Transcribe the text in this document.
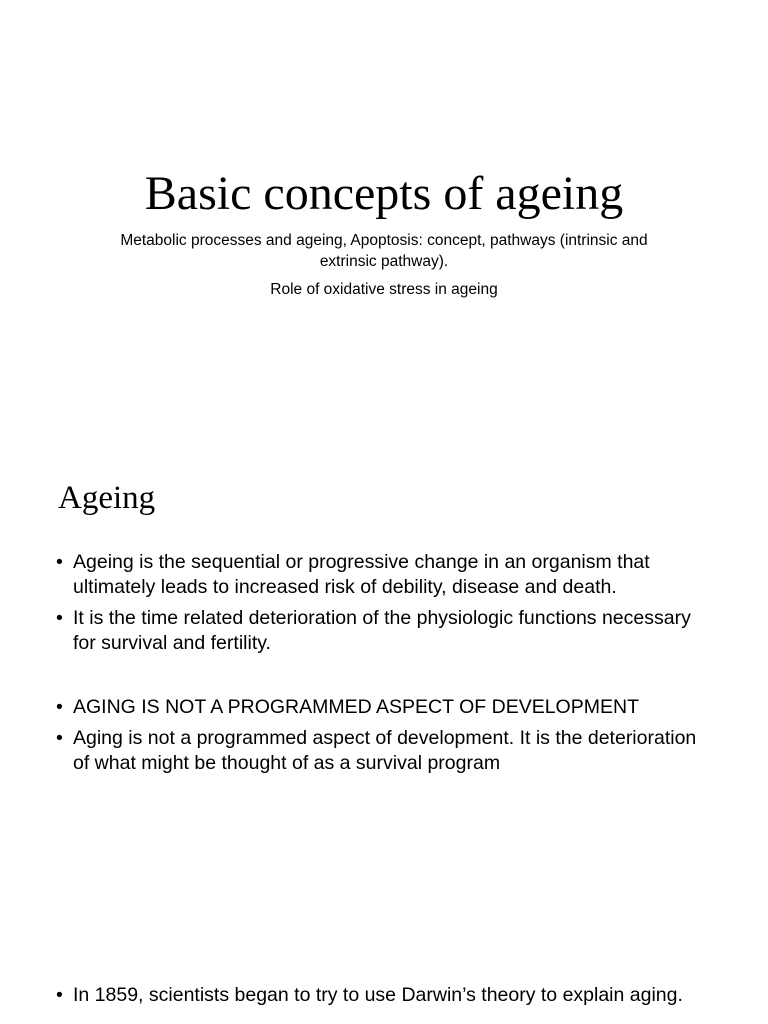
Basic concepts of ageing

Metabolic processes and ageing, Apoptosis: concept, pathways (intrinsic and extrinsic pathway).

Role of oxidative stress in ageing

Ageing
• Ageing is the sequential or progressive change in an organism that ultimately leads to increased risk of debility, disease and death.
• It is the time related deterioration of the physiologic functions necessary for survival and fertility.
• AGING IS NOT A PROGRAMMED ASPECT OF DEVELOPMENT
• Aging is not a programmed aspect of development. It is the deterioration of what might be thought of as a survival program
• In 1859, scientists began to try to use Darwin’s theory to explain aging.
